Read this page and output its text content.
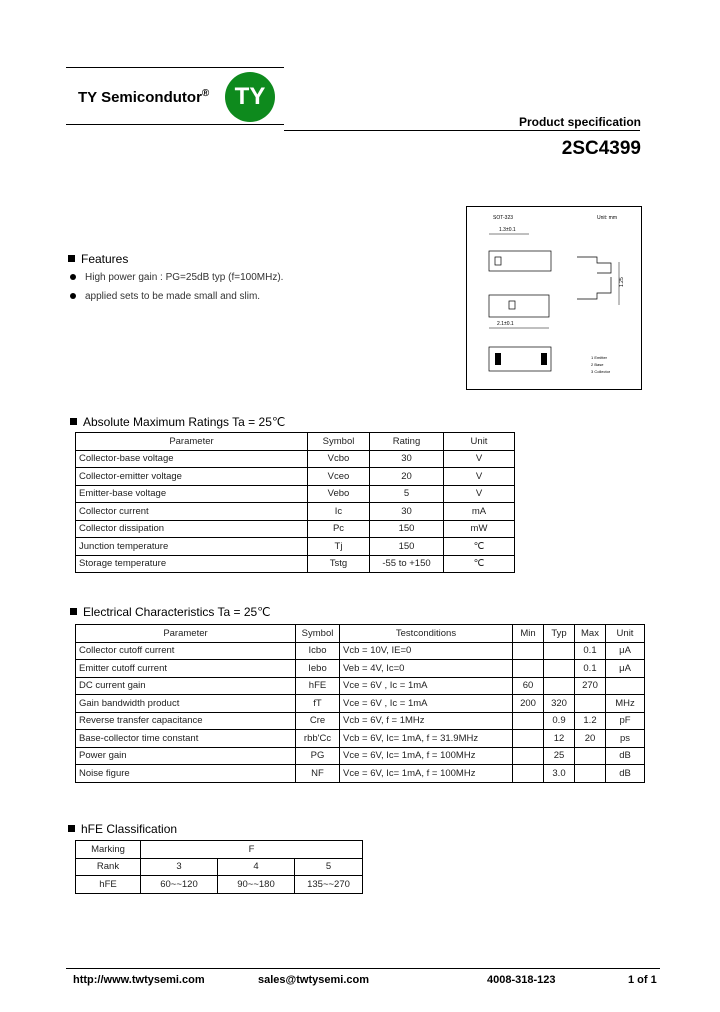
TY Semicondutor®	TY
Product specification
2SC4399
SOT-323	Unit: mm
1.3±0.1
2.1±0.1
1.25
1 Emitter
2 Base
3 Collector
Features
High power gain : PG=25dB typ (f=100MHz).
applied sets to be made small and slim.
Absolute Maximum Ratings Ta = 25℃
Parameter	Symbol	Rating	Unit
Collector-base voltage	Vcbo	30	V
Collector-emitter voltage	Vceo	20	V
Emitter-base voltage	Vebo	5	V
Collector current	Ic	30	mA
Collector dissipation	Pc	150	mW
Junction temperature	Tj	150	℃
Storage temperature	Tstg	-55 to +150	℃
Electrical Characteristics Ta = 25℃
Parameter	Symbol	Testconditions	Min	Typ	Max	Unit
Collector cutoff current	Icbo	Vcb = 10V, IE=0			0.1	μA
Emitter cutoff current	Iebo	Veb = 4V, Ic=0			0.1	μA
DC current gain	hFE	Vce = 6V , Ic = 1mA	60		270	
Gain bandwidth product	fT	Vce = 6V , Ic = 1mA	200	320		MHz
Reverse transfer capacitance	Cre	Vcb = 6V, f = 1MHz		0.9	1.2	pF
Base-collector time constant	rbb'Cc	Vcb = 6V, Ic= 1mA, f = 31.9MHz		12	20	ps
Power gain	PG	Vce = 6V, Ic= 1mA, f = 100MHz		25		dB
Noise figure	NF	Vce = 6V, Ic= 1mA, f = 100MHz		3.0		dB
hFE Classification
Marking	F		
Rank	3	4	5
hFE	60~~120	90~~180	135~~270
http://www.twtysemi.com	sales@twtysemi.com	4008-318-123	1 of 1
